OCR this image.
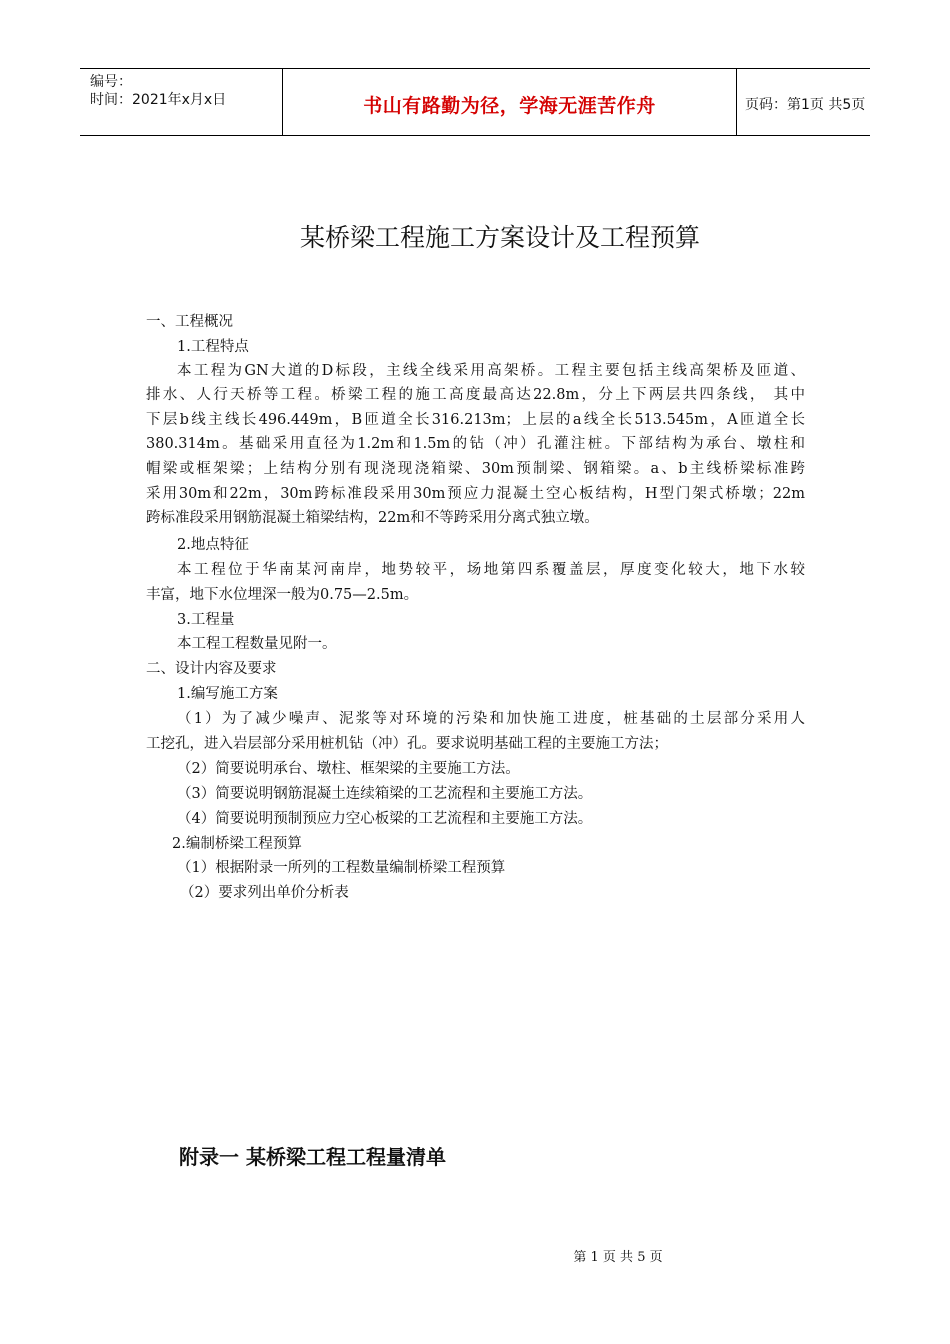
编号：
时间：2021年x月x日	书山有路勤为径，学海无涯苦作舟	页码：第1页 共5页
某桥梁工程施工方案设计及工程预算
一、工程概况
1.工程特点
本工程为GN大道的D标段，主线全线采用高架桥。工程主要包括主线高架桥及匝道、
排水、人行天桥等工程。桥梁工程的施工高度最高达22.8m，分上下两层共四条线， 其中
下层b线主线长496.449m，B匝道全长316.213m；上层的a线全长513.545m，A匝道全长
380.314m。基础采用直径为1.2m和1.5m的钻（冲）孔灌注桩。下部结构为承台、墩柱和
帽梁或框架梁；上结构分别有现浇现浇箱梁、30m预制梁、钢箱梁。a、b主线桥梁标准跨
采用30m和22m，30m跨标准段采用30m预应力混凝土空心板结构，H型门架式桥墩；22m
跨标准段采用钢筋混凝土箱梁结构，22m和不等跨采用分离式独立墩。
2.地点特征
本工程位于华南某河南岸，地势较平，场地第四系覆盖层，厚度变化较大，地下水较
丰富，地下水位埋深一般为0.75—2.5m。
3.工程量
本工程工程数量见附一。
二、设计内容及要求
1.编写施工方案
（1）为了减少噪声、泥浆等对环境的污染和加快施工进度，桩基础的土层部分采用人
工挖孔，进入岩层部分采用桩机钻（冲）孔。要求说明基础工程的主要施工方法；
（2）简要说明承台、墩柱、框架梁的主要施工方法。
（3）简要说明钢筋混凝土连续箱梁的工艺流程和主要施工方法。
（4）简要说明预制预应力空心板梁的工艺流程和主要施工方法。
2.编制桥梁工程预算
（1）根据附录一所列的工程数量编制桥梁工程预算
（2）要求列出单价分析表
附录一 某桥梁工程工程量清单
第 1 页 共 5 页
